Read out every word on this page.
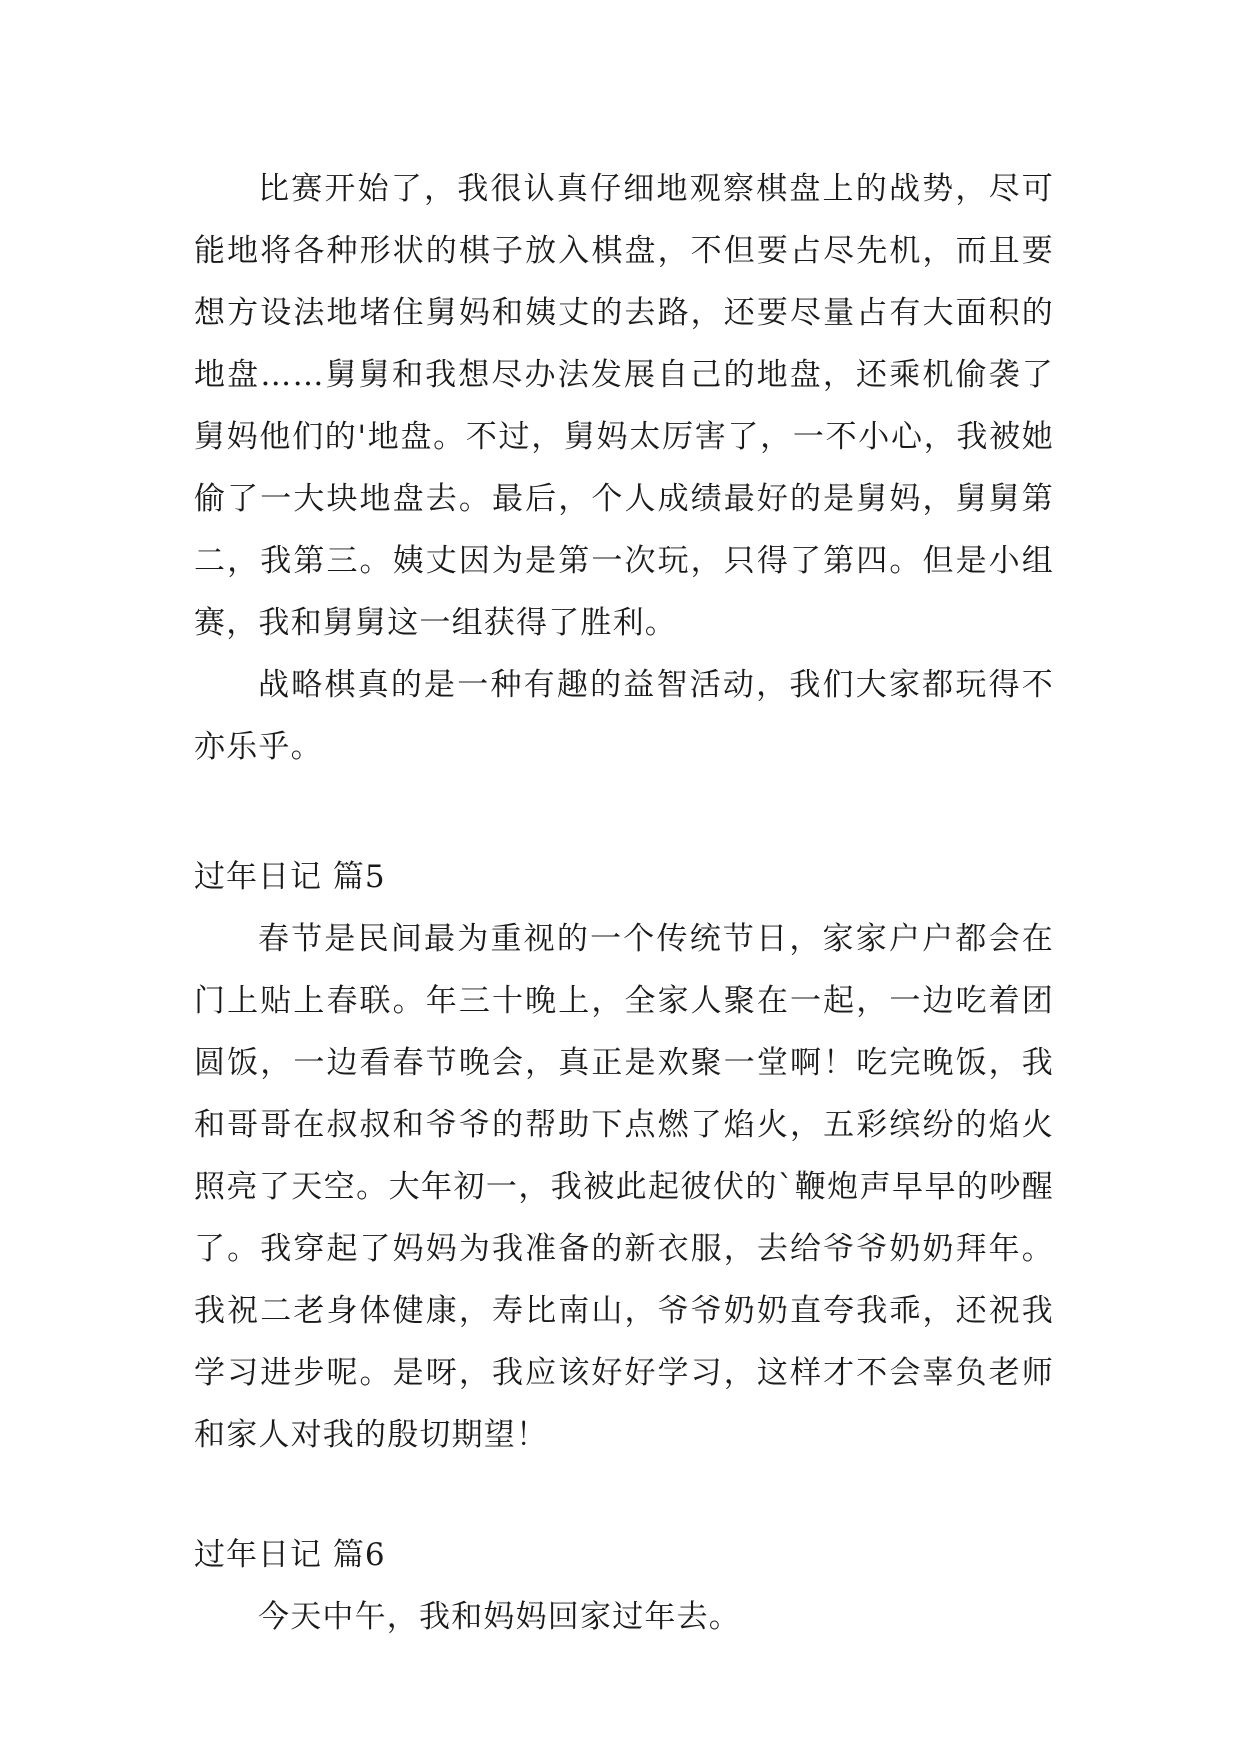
比赛开始了，我很认真仔细地观察棋盘上的战势，尽可能地将各种形状的棋子放入棋盘，不但要占尽先机，而且要想方设法地堵住舅妈和姨丈的去路，还要尽量占有大面积的地盘……舅舅和我想尽办法发展自己的地盘，还乘机偷袭了舅妈他们的'地盘。不过，舅妈太厉害了，一不小心，我被她偷了一大块地盘去。最后，个人成绩最好的是舅妈，舅舅第二，我第三。姨丈因为是第一次玩，只得了第四。但是小组赛，我和舅舅这一组获得了胜利。

战略棋真的是一种有趣的益智活动，我们大家都玩得不亦乐乎。

过年日记 篇5

春节是民间最为重视的一个传统节日，家家户户都会在门上贴上春联。年三十晚上，全家人聚在一起，一边吃着团圆饭，一边看春节晚会，真正是欢聚一堂啊！吃完晚饭，我和哥哥在叔叔和爷爷的帮助下点燃了焰火，五彩缤纷的焰火照亮了天空。大年初一，我被此起彼伏的`鞭炮声早早的吵醒了。我穿起了妈妈为我准备的新衣服，去给爷爷奶奶拜年。我祝二老身体健康，寿比南山，爷爷奶奶直夸我乖，还祝我学习进步呢。是呀，我应该好好学习，这样才不会辜负老师和家人对我的殷切期望！

过年日记 篇6

今天中午，我和妈妈回家过年去。
